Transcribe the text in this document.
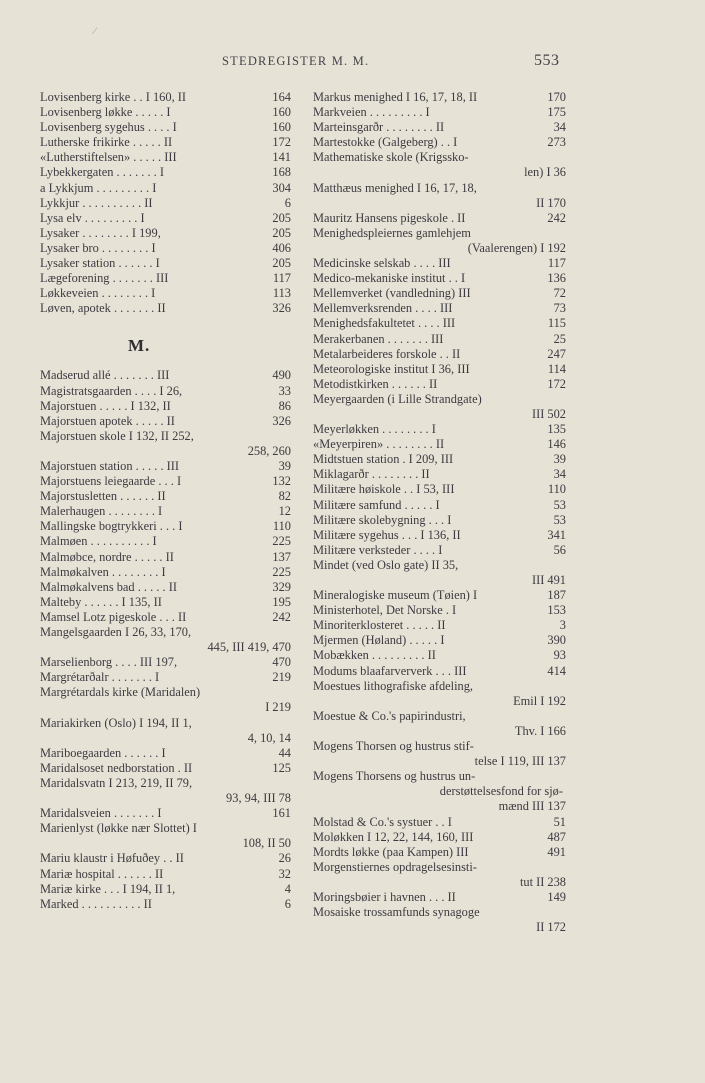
STEDREGISTER M. M.	553
∕
Lovisenberg kirke . . I 160, II	164
Lovisenberg løkke . . . . . I	160
Lovisenberg sygehus . . . . I	160
Lutherske frikirke . . . . . II	172
«Lutherstiftelsen» . . . . . III	141
Lybekkergaten . . . . . . . I	168
a Lykkjum . . . . . . . . . I	304
Lykkjur . . . . . . . . . . II	6
Lysa elv . . . . . . . . . I	205
Lysaker . . . . . . . . I 199,	205
Lysaker bro . . . . . . . . I	406
Lysaker station . . . . . . I	205
Lægeforening . . . . . . . III	117
Løkkeveien . . . . . . . . I	113
Løven, apotek . . . . . . . II	326
M.
Madserud allé . . . . . . . III	490
Magistratsgaarden . . . . I 26,	33
Majorstuen . . . . . I 132, II	86
Majorstuen apotek . . . . . II	326
Majorstuen skole I 132, II 252,
258, 260
Majorstuen station . . . . . III	39
Majorstuens leiegaarde . . . I	132
Majorstusletten . . . . . . II	82
Malerhaugen . . . . . . . . I	12
Mallingske bogtrykkeri . . . I	110
Malmøen . . . . . . . . . . I	225
Malmøbce, nordre . . . . . II	137
Malmøkalven . . . . . . . . I	225
Malmøkalvens bad . . . . . II	329
Malteby . . . . . . I 135, II	195
Mamsel Lotz pigeskole . . . II	242
Mangelsgaarden I 26, 33, 170,
445, III 419, 470
Marselienborg . . . . III 197,	470
Margrétarðalr . . . . . . . I	219
Margrétardals kirke (Maridalen)
I 219
Mariakirken (Oslo) I 194, II 1,
4, 10, 14
Mariboegaarden . . . . . . I	44
Maridalsoset nedborstation . II	125
Maridalsvatn I 213, 219, II 79,
93, 94, III 78
Maridalsveien . . . . . . . I	161
Marienlyst (løkke nær Slottet) I
108, II 50
Mariu klaustr i Høfuðey . . II	26
Mariæ hospital . . . . . . II	32
Mariæ kirke . . . I 194, II 1,	4
Marked . . . . . . . . . . II	6
Markus menighed I 16, 17, 18, II	170
Markveien . . . . . . . . . I	175
Marteinsgarðr . . . . . . . . II	34
Martestokke (Galgeberg) . . I	273
Mathematiske skole (Krigssko-
len) I 36
Matthæus menighed I 16, 17, 18,
II 170
Mauritz Hansens pigeskole . II	242
Menighedspleiernes gamlehjem
(Vaalerengen) I 192
Medicinske selskab . . . . III	117
Medico-mekaniske institut . . I	136
Mellemverket (vandledning) III	72
Mellemverksrenden . . . . III	73
Menighedsfakultetet . . . . III	115
Merakerbanen . . . . . . . III	25
Metalarbeideres forskole . . II	247
Meteorologiske institut I 36, III	114
Metodistkirken . . . . . . II	172
Meyergaarden (i Lille Strandgate)
III 502
Meyerløkken . . . . . . . . I	135
«Meyerpiren» . . . . . . . . II	146
Midtstuen station . I 209, III	39
Miklagarðr . . . . . . . . II	34
Militære høiskole . . I 53, III	110
Militære samfund . . . . . I	53
Militære skolebygning . . . I	53
Militære sygehus . . . I 136, II	341
Militære verksteder . . . . I	56
Mindet (ved Oslo gate) II 35,
III 491
Mineralogiske museum (Tøien) I	187
Ministerhotel, Det Norske . I	153
Minoriterklosteret . . . . . II	3
Mjermen (Høland) . . . . . I	390
Mobækken . . . . . . . . . II	93
Modums blaafarververk . . . III	414
Moestues lithografiske afdeling,
Emil I 192
Moestue & Co.'s papirindustri,
Thv. I 166
Mogens Thorsen og hustrus stif-
telse I 119, III 137
Mogens Thorsens og hustrus un-
derstøttelsesfond for sjø-
mænd III 137
Molstad & Co.'s systuer . . I	51
Moløkken I 12, 22, 144, 160, III	487
Mordts løkke (paa Kampen) III	491
Morgenstiernes opdragelsesinsti-
tut II 238
Moringsbøier i havnen . . . II	149
Mosaiske trossamfunds synagoge
II 172
